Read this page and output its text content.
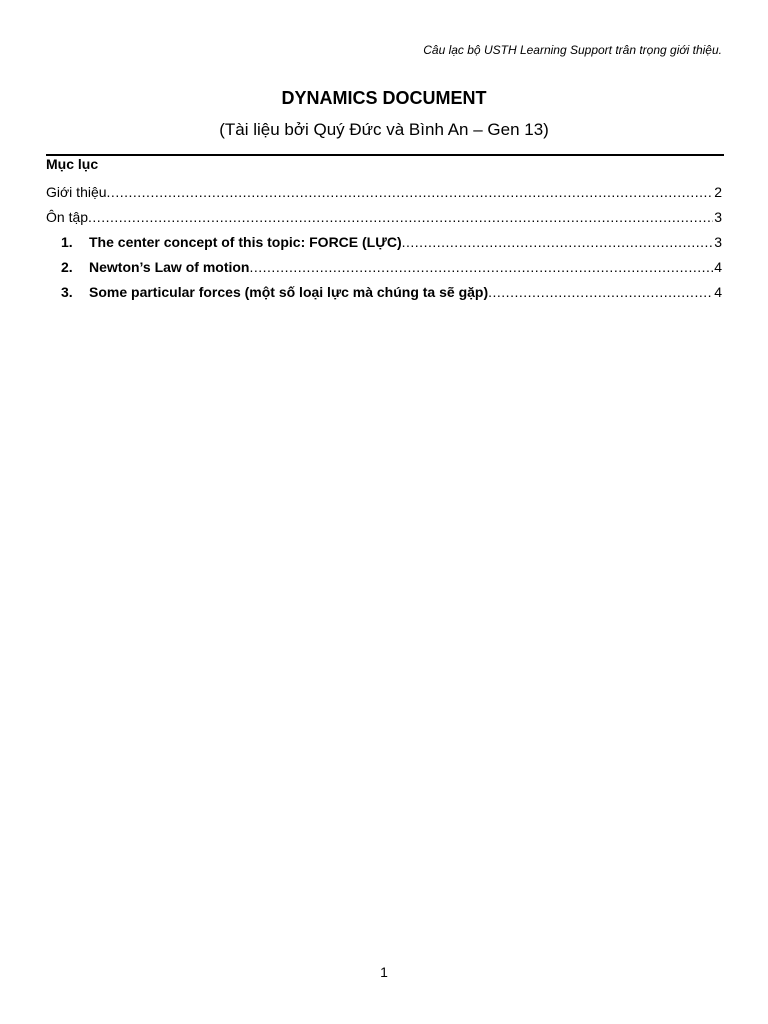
Câu lạc bộ USTH Learning Support trân trọng giới thiệu.
DYNAMICS DOCUMENT
(Tài liệu bởi Quý Đức và Bình An – Gen 13)
Mục lục
Giới thiệu .....	2
Ôn tập .....	3
1.	The center concept of this topic: FORCE (LỰC) .....	3
2.	Newton’s Law of motion .....	4
3.	Some particular forces (một số loại lực mà chúng ta sẽ gặp) .....	4
1
